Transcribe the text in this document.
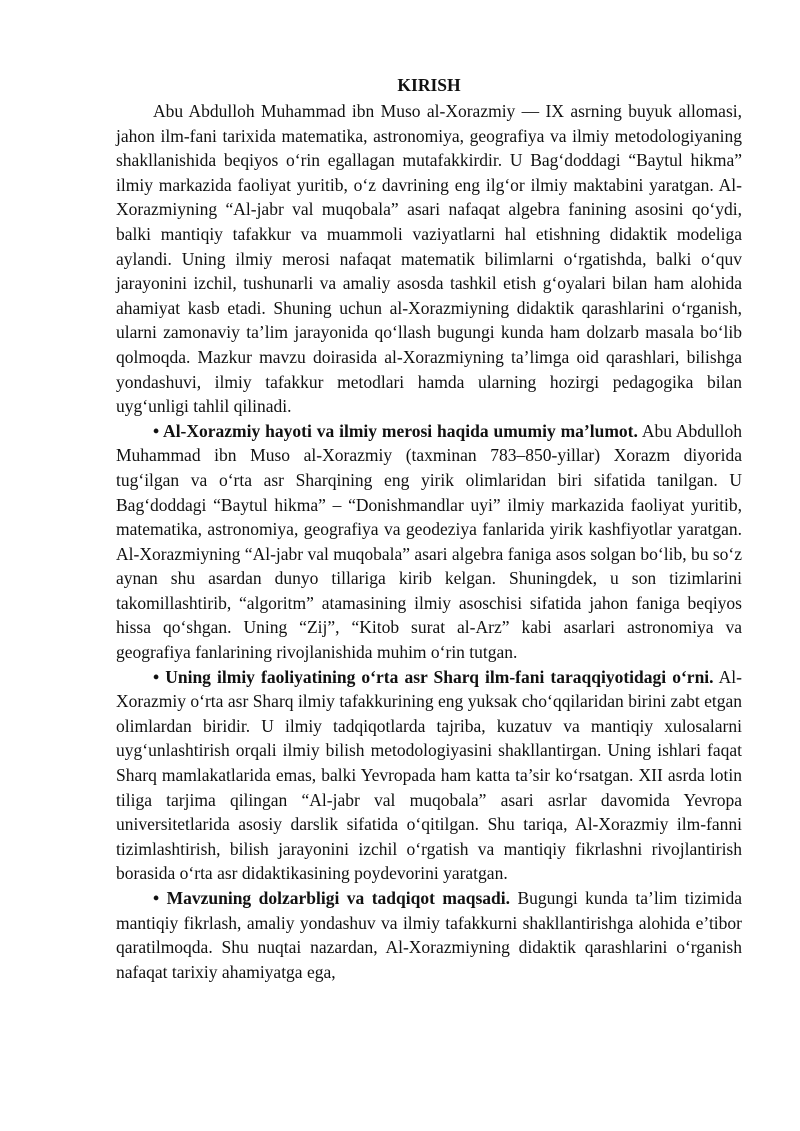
KIRISH

Abu Abdulloh Muhammad ibn Muso al-Xorazmiy — IX asrning buyuk allomasi, jahon ilm-fani tarixida matematika, astronomiya, geografiya va ilmiy metodologiyaning shakllanishida beqiyos o‘rin egallagan mutafakkirdir. U Bag‘doddagi “Baytul hikma” ilmiy markazida faoliyat yuritib, o‘z davrining eng ilg‘or ilmiy maktabini yaratgan. Al-Xorazmiyning “Al-jabr val muqobala” asari nafaqat algebra fanining asosini qo‘ydi, balki mantiqiy tafakkur va muammoli vaziyatlarni hal etishning didaktik modeliga aylandi. Uning ilmiy merosi nafaqat matematik bilimlarni o‘rgatishda, balki o‘quv jarayonini izchil, tushunarli va amaliy asosda tashkil etish g‘oyalari bilan ham alohida ahamiyat kasb etadi. Shuning uchun al-Xorazmiyning didaktik qarashlarini o‘rganish, ularni zamonaviy ta’lim jarayonida qo‘llash bugungi kunda ham dolzarb masala bo‘lib qolmoqda. Mazkur mavzu doirasida al-Xorazmiyning ta’limga oid qarashlari, bilishga yondashuvi, ilmiy tafakkur metodlari hamda ularning hozirgi pedagogika bilan uyg‘unligi tahlil qilinadi.

• Al-Xorazmiy hayoti va ilmiy merosi haqida umumiy ma’lumot. Abu Abdulloh Muhammad ibn Muso al-Xorazmiy (taxminan 783–850-yillar) Xorazm diyorida tug‘ilgan va o‘rta asr Sharqining eng yirik olimlaridan biri sifatida tanilgan. U Bag‘doddagi “Baytul hikma” – “Donishmandlar uyi” ilmiy markazida faoliyat yuritib, matematika, astronomiya, geografiya va geodeziya fanlarida yirik kashfiyotlar yaratgan. Al-Xorazmiyning “Al-jabr val muqobala” asari algebra faniga asos solgan bo‘lib, bu so‘z aynan shu asardan dunyo tillariga kirib kelgan. Shuningdek, u son tizimlarini takomillashtirib, “algoritm” atamasining ilmiy asoschisi sifatida jahon faniga beqiyos hissa qo‘shgan. Uning “Zij”, “Kitob surat al-Arz” kabi asarlari astronomiya va geografiya fanlarining rivojlanishida muhim o‘rin tutgan.

• Uning ilmiy faoliyatining o‘rta asr Sharq ilm-fani taraqqiyotidagi o‘rni. Al-Xorazmiy o‘rta asr Sharq ilmiy tafakkurining eng yuksak cho‘qqilaridan birini zabt etgan olimlardan biridir. U ilmiy tadqiqotlarda tajriba, kuzatuv va mantiqiy xulosalarni uyg‘unlashtirish orqali ilmiy bilish metodologiyasini shakllantirgan. Uning ishlari faqat Sharq mamlakatlarida emas, balki Yevropada ham katta ta’sir ko‘rsatgan. XII asrda lotin tiliga tarjima qilingan “Al-jabr val muqobala” asari asrlar davomida Yevropa universitetlarida asosiy darslik sifatida o‘qitilgan. Shu tariqa, Al-Xorazmiy ilm-fanni tizimlashtirish, bilish jarayonini izchil o‘rgatish va mantiqiy fikrlashni rivojlantirish borasida o‘rta asr didaktikasining poydevorini yaratgan.

• Mavzuning dolzarbligi va tadqiqot maqsadi. Bugungi kunda ta’lim tizimida mantiqiy fikrlash, amaliy yondashuv va ilmiy tafakkurni shakllantirishga alohida e’tibor qaratilmoqda. Shu nuqtai nazardan, Al-Xorazmiyning didaktik qarashlarini o‘rganish nafaqat tarixiy ahamiyatga ega,
